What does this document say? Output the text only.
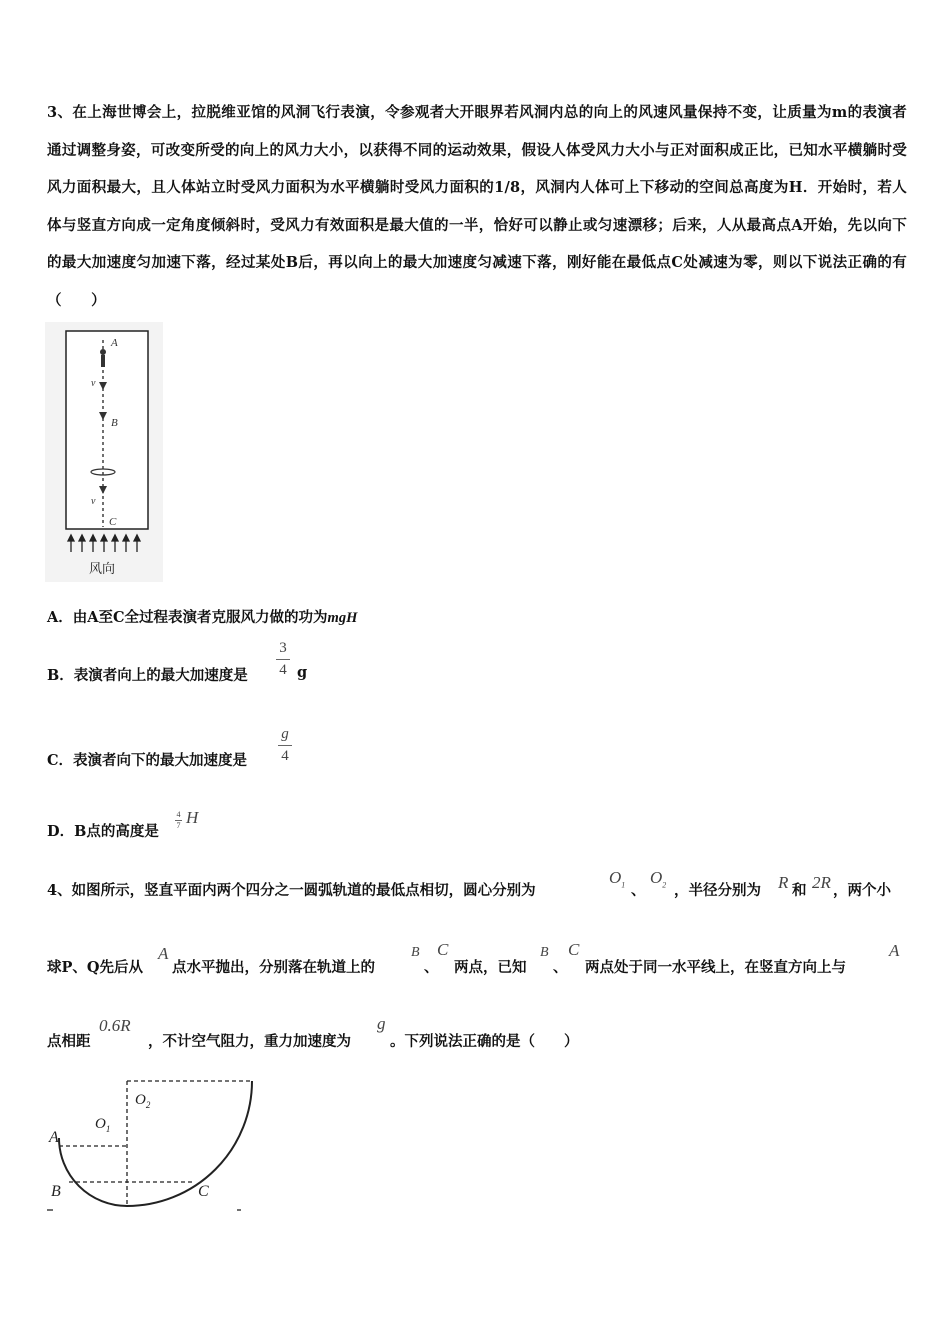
3、在上海世博会上，拉脱维亚馆的风洞飞行表演，令参观者大开眼界若风洞内总的向上的风速风量保持不变，让质量为m的表演者通过调整身姿，可改变所受的向上的风力大小，以获得不同的运动效果，假设人体受风力大小与正对面积成正比，已知水平横躺时受风力面积最大，且人体站立时受风力面积为水平横躺时受风力面积的1/8，风洞内人体可上下移动的空间总高度为H．开始时，若人体与竖直方向成一定角度倾斜时，受风力有效面积是最大值的一半，恰好可以静止或匀速漂移；后来，人从最高点A开始，先以向下的最大加速度匀加速下落，经过某处B后，再以向上的最大加速度匀减速下落，刚好能在最低点C处减速为零，则以下说法正确的有（　　）
A
v
B
v
C
风向
A．由A至C全过程表演者克服风力做的功为mgH
B．表演者向上的最大加速度是
3
4 g
C．表演者向下的最大加速度是
g
4
D．B点的高度是
4
7 H
4、如图所示，竖直平面内两个四分之一圆弧轨道的最低点相切，圆心分别为
$O_1$ 、
$O_2$ ，半径分别为 R 和 2R ，两个小
球P、Q先后从
A
点水平抛出，分别落在轨道上的
B
、
C
两点，已知
B
、
C
两点处于同一水平线上，在竖直方向上与
A
点相距
0.6R
，不计空气阻力，重力加速度为
g
。下列说法正确的是（　　）
$O_2$
$O_1$
A
B	C
